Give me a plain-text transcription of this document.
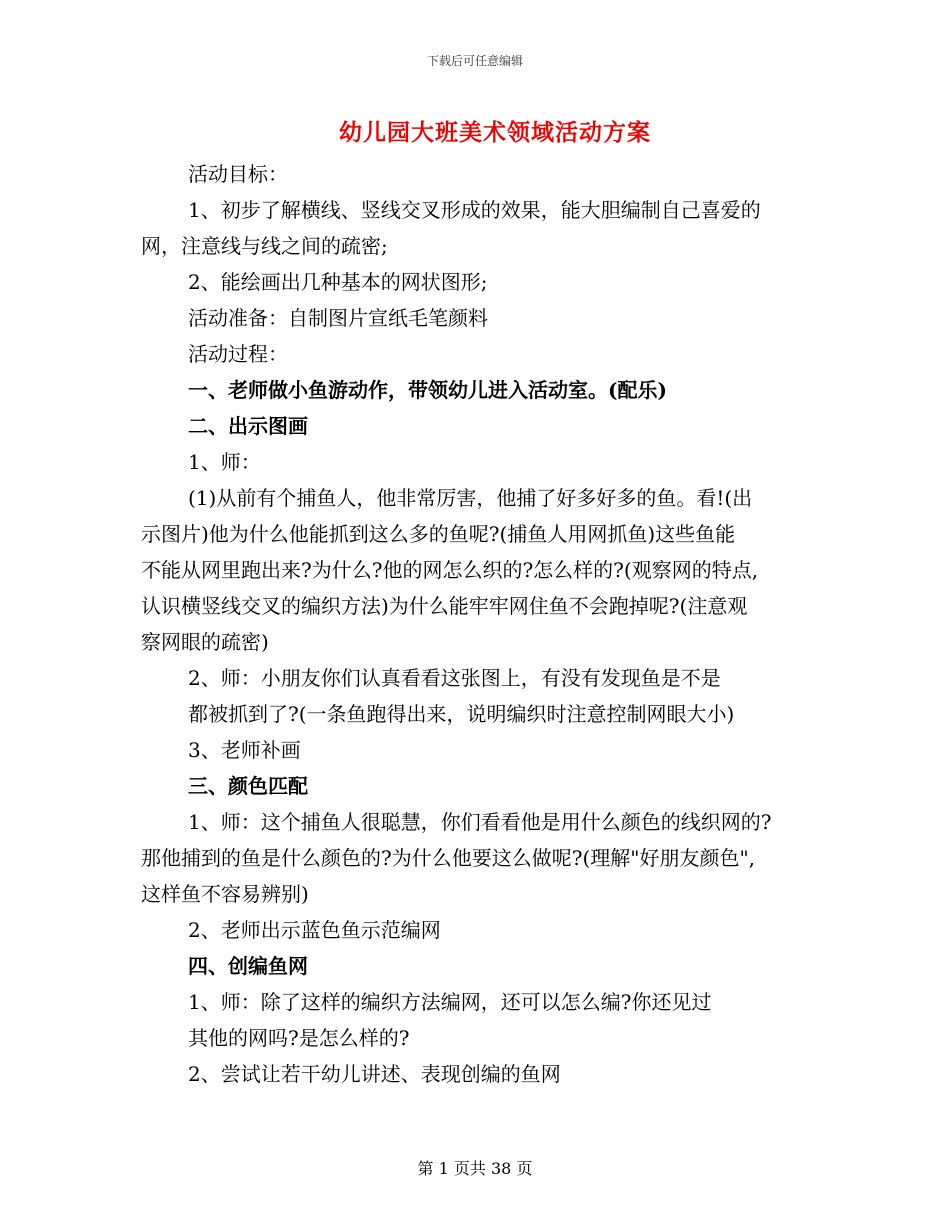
下载后可任意编辑
幼儿园大班美术领域活动方案

活动目标：

1、初步了解横线、竖线交叉形成的效果，能大胆编制自己喜爱的

网，注意线与线之间的疏密;

2、能绘画出几种基本的网状图形;

活动准备：自制图片宣纸毛笔颜料

活动过程：

一、老师做小鱼游动作，带领幼儿进入活动室。(配乐)

二、出示图画

1、师：

(1)从前有个捕鱼人，他非常厉害，他捕了好多好多的鱼。看!(出

示图片)他为什么他能抓到这么多的鱼呢?(捕鱼人用网抓鱼)这些鱼能

不能从网里跑出来?为什么?他的网怎么织的?怎么样的?(观察网的特点,

认识横竖线交叉的编织方法)为什么能牢牢网住鱼不会跑掉呢?(注意观

察网眼的疏密)

2、师：小朋友你们认真看看这张图上，有没有发现鱼是不是

都被抓到了?(一条鱼跑得出来，说明编织时注意控制网眼大小)

3、老师补画

三、颜色匹配

1、师：这个捕鱼人很聪慧，你们看看他是用什么颜色的线织网的?

那他捕到的鱼是什么颜色的?为什么他要这么做呢?(理解"好朋友颜色",

这样鱼不容易辨别)

2、老师出示蓝色鱼示范编网

四、创编鱼网

1、师：除了这样的编织方法编网，还可以怎么编?你还见过

其他的网吗?是怎么样的?

2、尝试让若干幼儿讲述、表现创编的鱼网

第 1 页共 38 页
